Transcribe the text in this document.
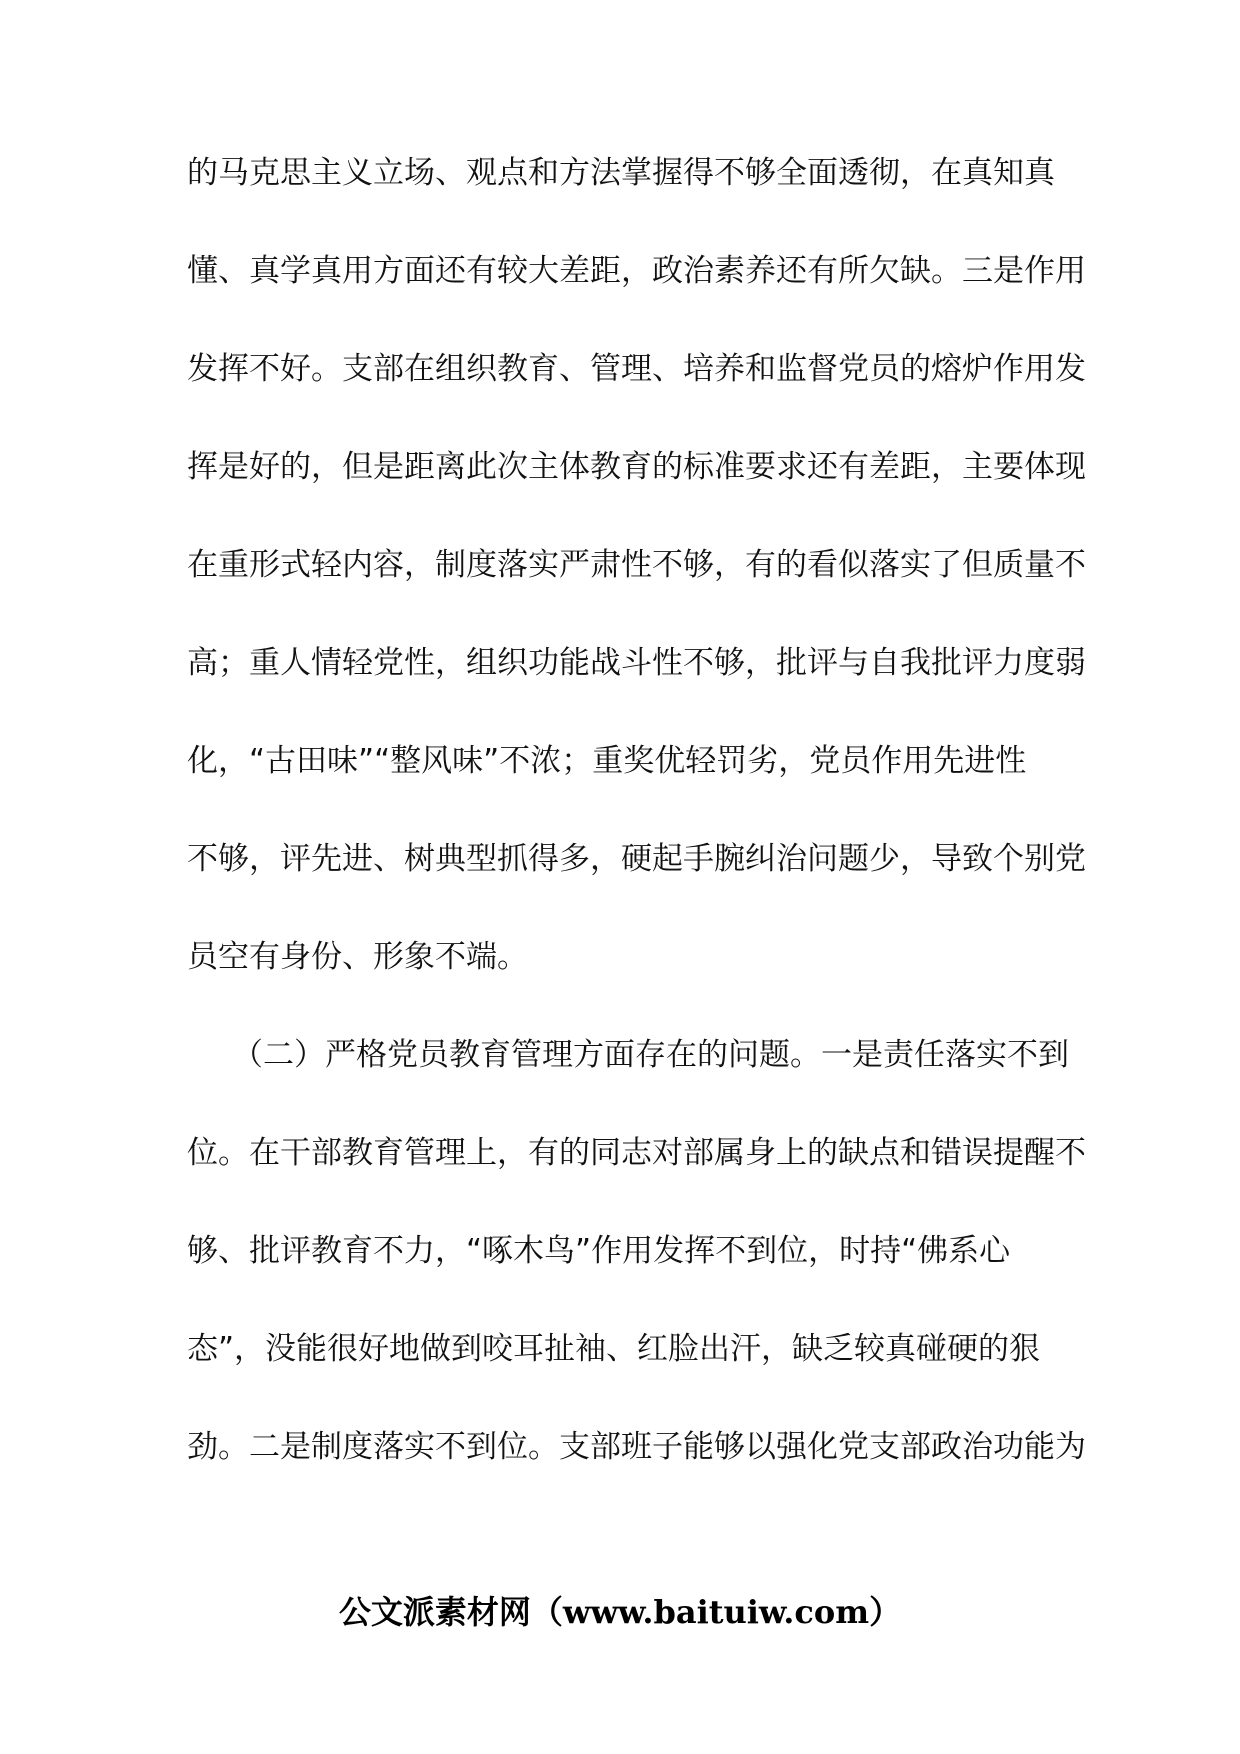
的马克思主义立场、观点和方法掌握得不够全面透彻，在真知真
懂、真学真用方面还有较大差距，政治素养还有所欠缺。三是作用
发挥不好。支部在组织教育、管理、培养和监督党员的熔炉作用发
挥是好的，但是距离此次主体教育的标准要求还有差距，主要体现
在重形式轻内容，制度落实严肃性不够，有的看似落实了但质量不
高；重人情轻党性，组织功能战斗性不够，批评与自我批评力度弱
化，“古田味”“整风味”不浓；重奖优轻罚劣，党员作用先进性
不够，评先进、树典型抓得多，硬起手腕纠治问题少，导致个别党
员空有身份、形象不端。
（二）严格党员教育管理方面存在的问题。一是责任落实不到
位。在干部教育管理上，有的同志对部属身上的缺点和错误提醒不
够、批评教育不力，“啄木鸟”作用发挥不到位，时持“佛系心
态”，没能很好地做到咬耳扯袖、红脸出汗，缺乏较真碰硬的狠
劲。二是制度落实不到位。支部班子能够以强化党支部政治功能为
公文派素材网（www.baituiw.com）
